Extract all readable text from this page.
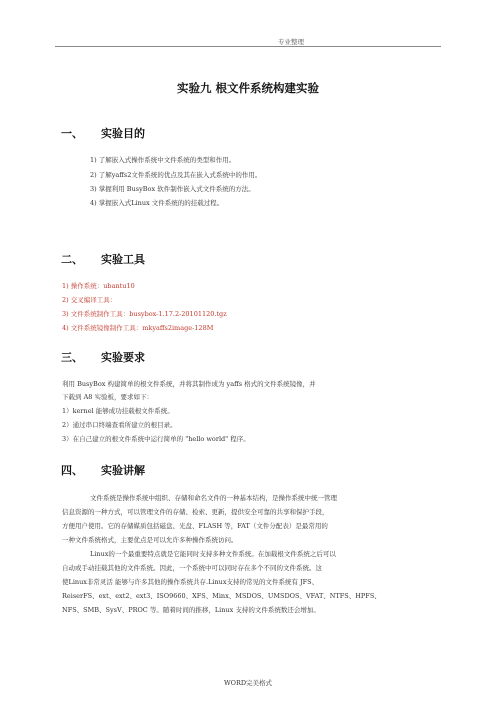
专业整理
实验九 根文件系统构建实验
一、 实验目的
1) 了解嵌入式操作系统中文件系统的类型和作用。
2) 了解yaffs2文件系统的优点及其在嵌入式系统中的作用。
3) 掌握利用 BusyBox 软件制作嵌入式文件系统的方法。
4) 掌握嵌入式Linux 文件系统的的挂载过程。
二、 实验工具
1) 操作系统：ubantu10
2) 交叉编译工具：
3) 文件系统制作工具：busybox-1.17.2-20101120.tgz
4) 文件系统镜像制作工具：mkyaffs2image-128M
三、 实验要求
利用 BusyBox 构建简单的根文件系统，并将其制作成为 yaffs 格式的文件系统镜像，并
下载到 A8 实验板，要求如下：
1）kernel 能够成功挂载根文件系统。
2）通过串口终端查看所建立的根目录。
3）在自己建立的根文件系统中运行简单的 "hello world" 程序。
四、 实验讲解
文件系统是操作系统中组织、存储和命名文件的一种基本结构，是操作系统中统一管理
信息资源的一种方式，可以管理文件的存储、检索、更新，提供安全可靠的共享和保护手段，
方便用户使用。它的存储媒质包括磁盘、光盘、FLASH 等，FAT（文件分配表）是最常用的
一种文件系统格式，主要优点是可以允许多种操作系统访问。
Linux的一个最重要特点就是它能同时支持多种文件系统。在加载根文件系统之后可以
自动或手动挂载其他的文件系统。因此，一个系统中可以同时存在多个不同的文件系统。这
使Linux非常灵活 能够与许多其他的操作系统共存.Linux支持的常见的文件系统有 JFS、
ReiserFS、ext、ext2、ext3、ISO9660、XFS、Minx、MSDOS、UMSDOS、VFAT、NTFS、HPFS、
NFS、SMB、SysV、PROC 等。随着时间的推移，Linux 支持的文件系统数还会增加。
WORD完美格式
